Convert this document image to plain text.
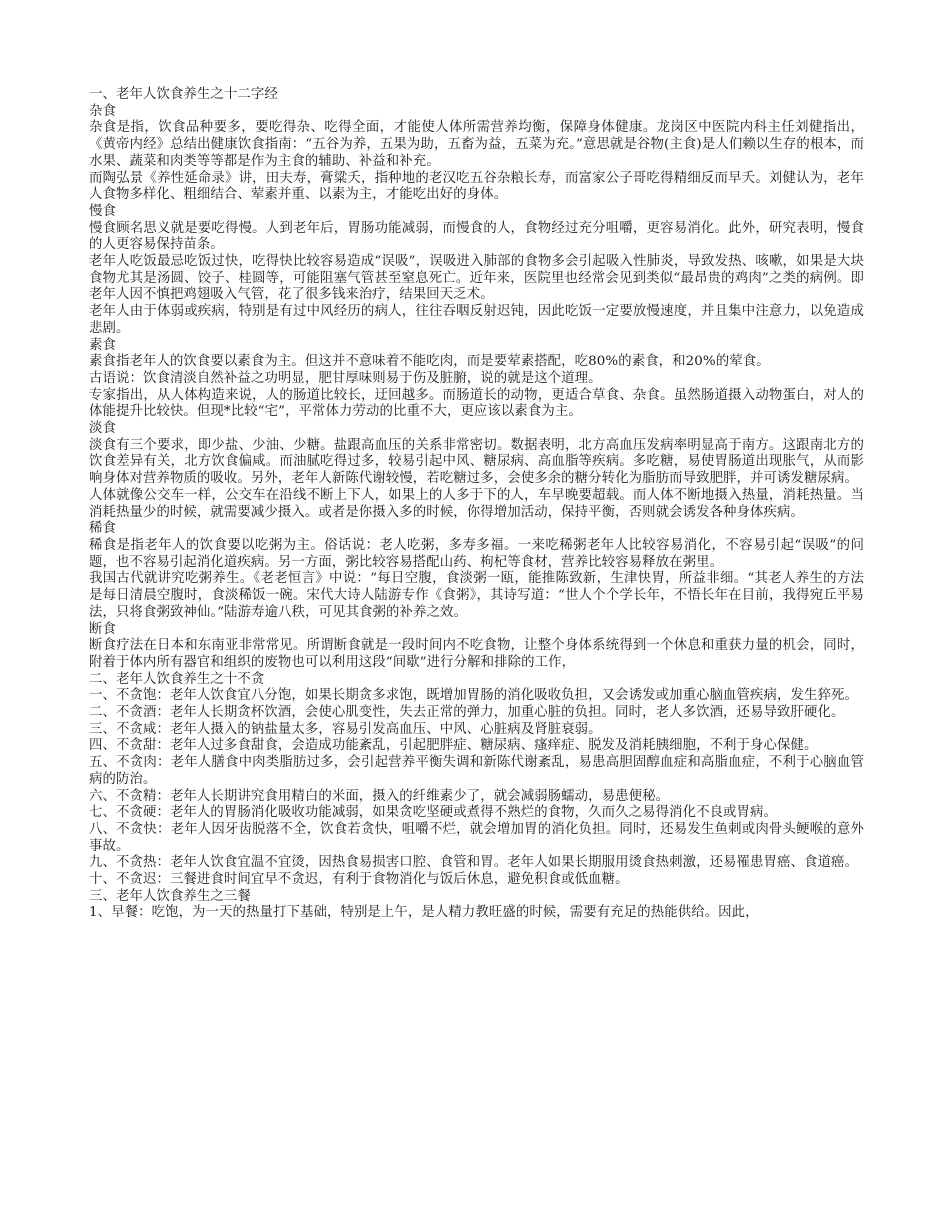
一、老年人饮食养生之十二字经
杂食
杂食是指，饮食品种要多，要吃得杂、吃得全面，才能使人体所需营养均衡，保障身体健康。龙岗区中医院内科主任刘健指出，《黄帝内经》总结出健康饮食指南：“五谷为养，五果为助，五畜为益，五菜为充。”意思就是谷物(主食)是人们赖以生存的根本，而水果、蔬菜和肉类等等都是作为主食的辅助、补益和补充。
而陶弘景《养性延命录》讲，田夫寿，膏粱夭，指种地的老汉吃五谷杂粮长寿，而富家公子哥吃得精细反而早夭。刘健认为，老年人食物多样化、粗细结合、荤素并重、以素为主，才能吃出好的身体。
慢食
慢食顾名思义就是要吃得慢。人到老年后，胃肠功能减弱，而慢食的人，食物经过充分咀嚼，更容易消化。此外，研究表明，慢食的人更容易保持苗条。
老年人吃饭最忌吃饭过快，吃得快比较容易造成“误吸”，误吸进入肺部的食物多会引起吸入性肺炎，导致发热、咳嗽，如果是大块食物尤其是汤圆、饺子、桂圆等，可能阻塞气管甚至窒息死亡。近年来，医院里也经常会见到类似“最昂贵的鸡肉”之类的病例。即老年人因不慎把鸡翅吸入气管，花了很多钱来治疗，结果回天乏术。
老年人由于体弱或疾病，特别是有过中风经历的病人，往往吞咽反射迟钝，因此吃饭一定要放慢速度，并且集中注意力，以免造成悲剧。
素食
素食指老年人的饮食要以素食为主。但这并不意味着不能吃肉，而是要荤素搭配，吃80%的素食，和20%的荤食。
古语说：饮食清淡自然补益之功明显，肥甘厚味则易于伤及脏腑，说的就是这个道理。
专家指出，从人体构造来说，人的肠道比较长，迂回越多。而肠道长的动物，更适合草食、杂食。虽然肠道摄入动物蛋白，对人的体能提升比较快。但现*比较“宅”，平常体力劳动的比重不大，更应该以素食为主。
淡食
淡食有三个要求，即少盐、少油、少糖。盐跟高血压的关系非常密切。数据表明，北方高血压发病率明显高于南方。这跟南北方的饮食差异有关，北方饮食偏咸。而油腻吃得过多，较易引起中风、糖尿病、高血脂等疾病。多吃糖，易使胃肠道出现胀气，从而影响身体对营养物质的吸收。另外，老年人新陈代谢较慢，若吃糖过多，会使多余的糖分转化为脂肪而导致肥胖，并可诱发糖尿病。
人体就像公交车一样，公交车在沿线不断上下人，如果上的人多于下的人，车早晚要超载。而人体不断地摄入热量，消耗热量。当消耗热量少的时候，就需要减少摄入。或者是你摄入多的时候，你得增加活动，保持平衡，否则就会诱发各种身体疾病。
稀食
稀食是指老年人的饮食要以吃粥为主。俗话说：老人吃粥，多寿多福。一来吃稀粥老年人比较容易消化，不容易引起“误吸”的问题，也不容易引起消化道疾病。另一方面，粥比较容易搭配山药、枸杞等食材，营养比较容易释放在粥里。
我国古代就讲究吃粥养生。《老老恒言》中说：“每日空腹，食淡粥一瓯，能推陈致新，生津快胃，所益非细。“其老人养生的方法是每日清晨空腹时，食淡稀饭一碗。宋代大诗人陆游专作《食粥》，其诗写道：“世人个个学长年，不悟长年在目前，我得宛丘平易法，只将食粥致神仙。”陆游寿逾八秩，可见其食粥的补养之效。
断食
断食疗法在日本和东南亚非常常见。所谓断食就是一段时间内不吃食物，让整个身体系统得到一个休息和重获力量的机会，同时，附着于体内所有器官和组织的废物也可以利用这段“间歇”进行分解和排除的工作，
二、老年人饮食养生之十不贪
一、不贪饱：老年人饮食宜八分饱，如果长期贪多求饱，既增加胃肠的消化吸收负担，又会诱发或加重心脑血管疾病，发生猝死。
二、不贪酒：老年人长期贪杯饮酒，会使心肌变性，失去正常的弹力，加重心脏的负担。同时，老人多饮酒，还易导致肝硬化。
三、不贪咸：老年人摄入的钠盐量太多，容易引发高血压、中风、心脏病及肾脏衰弱。
四、不贪甜：老年人过多食甜食，会造成功能紊乱，引起肥胖症、糖尿病、瘙痒症、脱发及消耗胰细胞，不利于身心保健。
五、不贪肉：老年人膳食中肉类脂肪过多，会引起营养平衡失调和新陈代谢紊乱，易患高胆固醇血症和高脂血症，不利于心脑血管病的防治。
六、不贪精：老年人长期讲究食用精白的米面，摄入的纤维素少了，就会减弱肠蠕动，易患便秘。
七、不贪硬：老年人的胃肠消化吸收功能减弱，如果贪吃坚硬或煮得不熟烂的食物，久而久之易得消化不良或胃病。
八、不贪快：老年人因牙齿脱落不全，饮食若贪快，咀嚼不烂，就会增加胃的消化负担。同时，还易发生鱼刺或肉骨头鲠喉的意外事故。
九、不贪热：老年人饮食宜温不宜烫，因热食易损害口腔、食管和胃。老年人如果长期服用烫食热刺激，还易罹患胃癌、食道癌。
十、不贪迟：三餐进食时间宜早不贪迟，有利于食物消化与饭后休息，避免积食或低血糖。
三、老年人饮食养生之三餐
1、早餐：吃饱，为一天的热量打下基础，特别是上午，是人精力教旺盛的时候，需要有充足的热能供给。因此，
